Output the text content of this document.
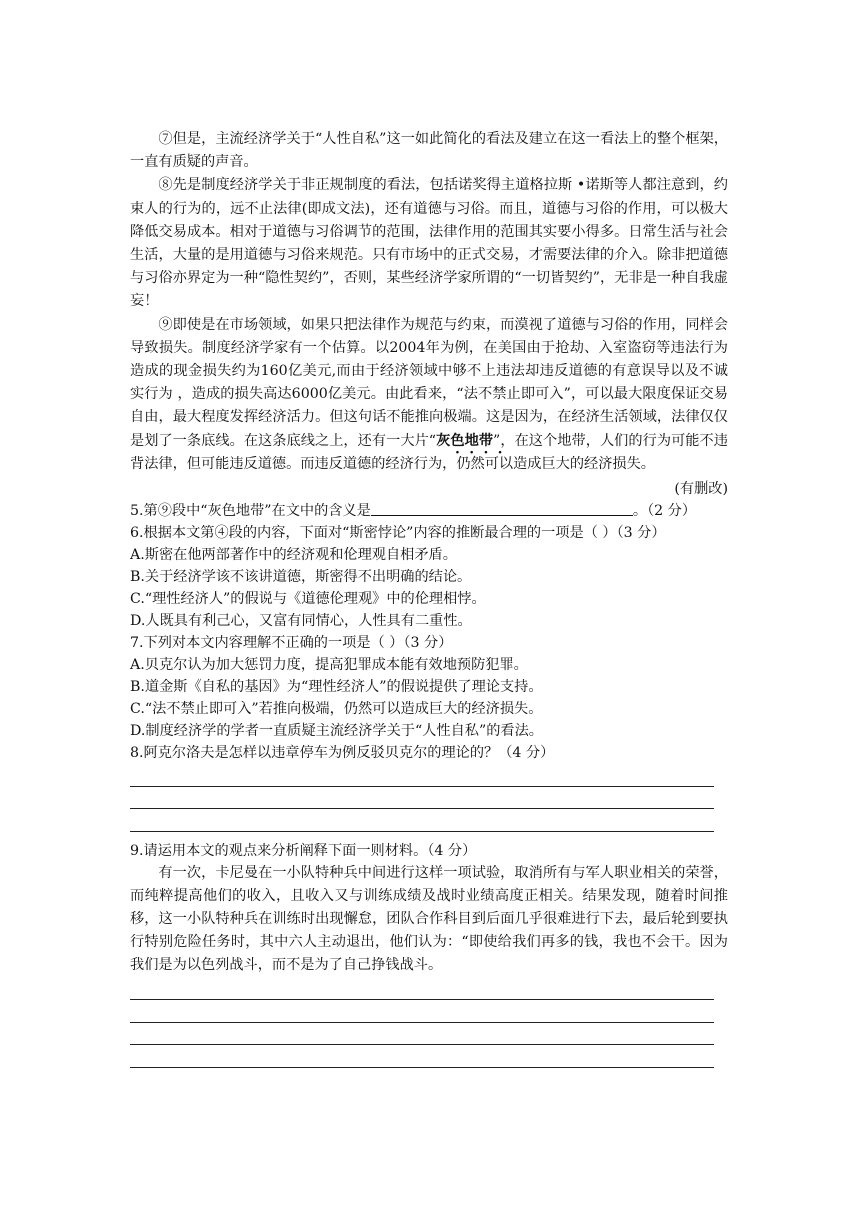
⑦但是，主流经济学关于“人性自私”这一如此简化的看法及建立在这一看法上的整个框架，一直有质疑的声音。

⑧先是制度经济学关于非正规制度的看法，包括诺奖得主道格拉斯 •诺斯等人都注意到，约束人的行为的，远不止法律(即成文法)，还有道德与习俗。而且，道德与习俗的作用，可以极大降低交易成本。相对于道德与习俗调节的范围，法律作用的范围其实要小得多。日常生活与社会生活，大量的是用道德与习俗来规范。只有市场中的正式交易，才需要法律的介入。除非把道德与习俗亦界定为一种“隐性契约”，否则，某些经济学家所谓的“一切皆契约”，无非是一种自我虚妄！

⑨即使是在市场领域，如果只把法律作为规范与约束，而漠视了道德与习俗的作用，同样会导致损失。制度经济学家有一个估算。以2004年为例，在美国由于抢劫、入室盗窃等违法行为造成的现金损失约为160亿美元,而由于经济领域中够不上违法却违反道德的有意误导以及不诚实行为 ，造成的损失高达6000亿美元。由此看来，“法不禁止即可入”，可以最大限度保证交易自由，最大程度发挥经济活力。但这句话不能推向极端。这是因为，在经济生活领域，法律仅仅是划了一条底线。在这条底线之上，还有一大片“灰色地带”，在这个地带，人们的行为可能不违背法律，但可能违反道德。而违反道德的经济行为，仍然可以造成巨大的经济损失。

(有删改)

5.第⑨段中“灰色地带”在文中的含义是	。（2 分）

6.根据本文第④段的内容，下面对“斯密悖论”内容的推断最合理的一项是（ ）（3 分）

A.斯密在他两部著作中的经济观和伦理观自相矛盾。

B.关于经济学该不该讲道德，斯密得不出明确的结论。

C.“理性经济人”的假说与《道德伦理观》中的伦理相悖。

D.人既具有利己心，又富有同情心，人性具有二重性。

7.下列对本文内容理解不正确的一项是（ ）（3 分）

A.贝克尔认为加大惩罚力度，提高犯罪成本能有效地预防犯罪。

B.道金斯《自私的基因》为“理性经济人”的假说提供了理论支持。

C.“法不禁止即可入”若推向极端，仍然可以造成巨大的经济损失。

D.制度经济学的学者一直质疑主流经济学关于“人性自私”的看法。

8.阿克尔洛夫是怎样以违章停车为例反驳贝克尔的理论的？（4 分）

9.请运用本文的观点来分析阐释下面一则材料。（4 分）

有一次，卡尼曼在一小队特种兵中间进行这样一项试验，取消所有与军人职业相关的荣誉，而纯粹提高他们的收入，且收入又与训练成绩及战时业绩高度正相关。结果发现，随着时间推移，这一小队特种兵在训练时出现懈怠，团队合作科目到后面几乎很难进行下去，最后轮到要执行特别危险任务时，其中六人主动退出，他们认为：“即使给我们再多的钱，我也不会干。因为我们是为以色列战斗，而不是为了自己挣钱战斗。
